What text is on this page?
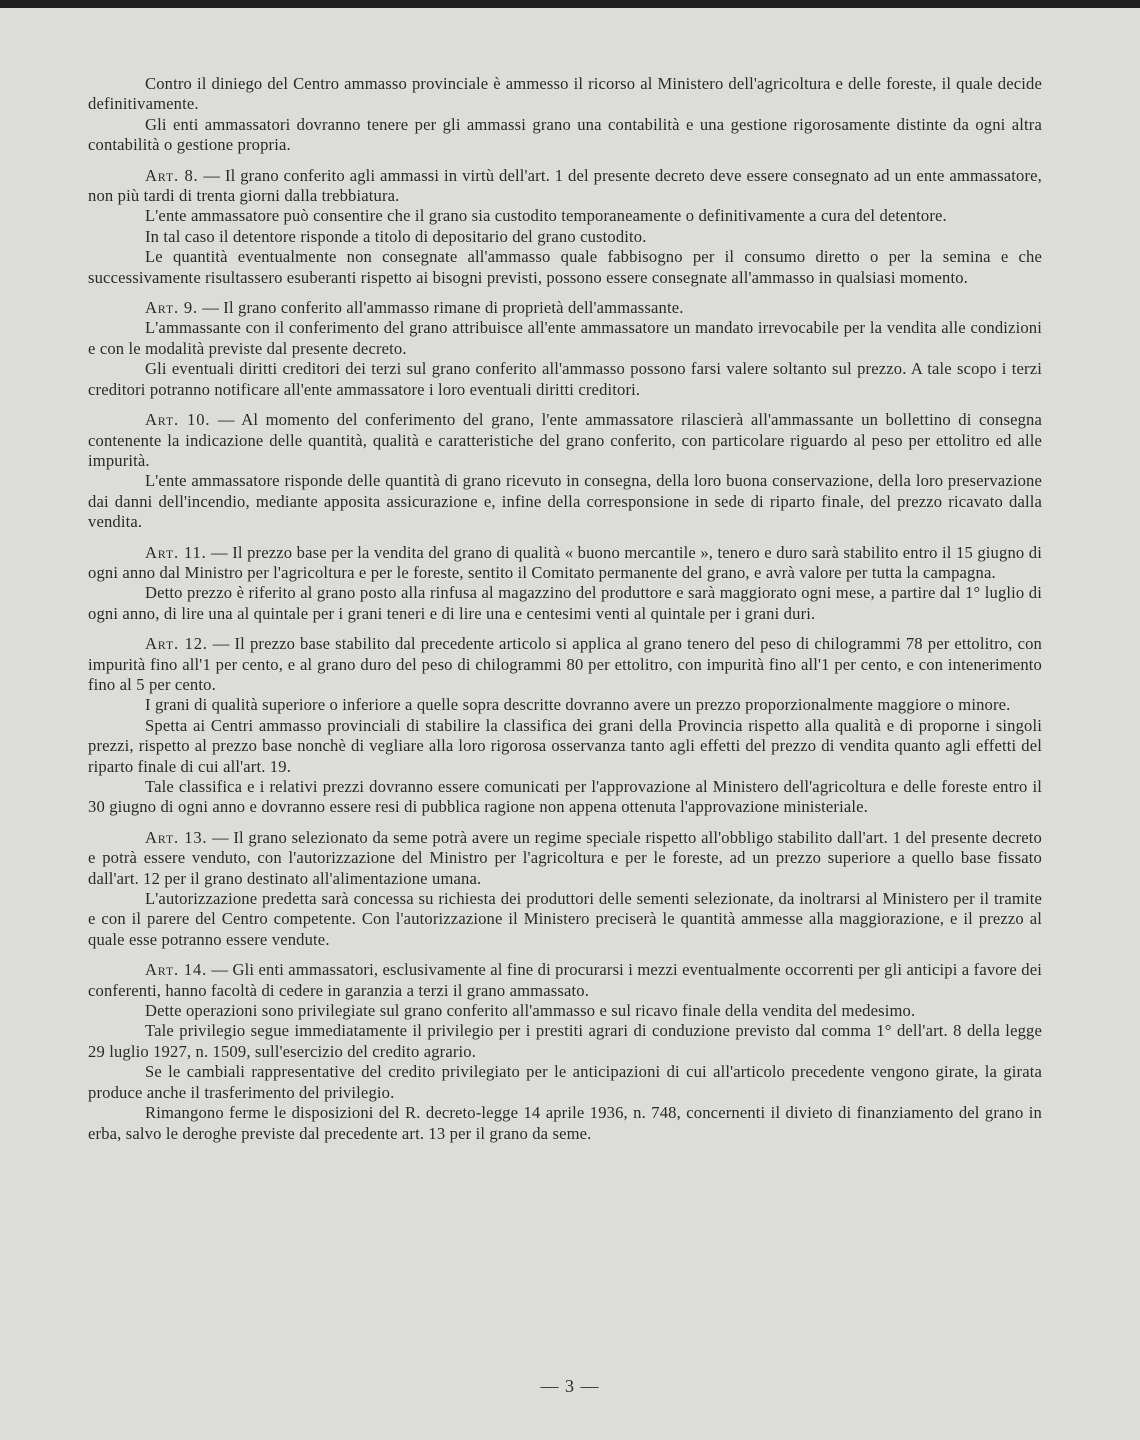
Contro il diniego del Centro ammasso provinciale è ammesso il ricorso al Ministero dell'agricoltura e delle foreste, il quale decide definitivamente.

Gli enti ammassatori dovranno tenere per gli ammassi grano una contabilità e una gestione rigorosamente distinte da ogni altra contabilità o gestione propria.

Art. 8. — Il grano conferito agli ammassi in virtù dell'art. 1 del presente decreto deve essere consegnato ad un ente ammassatore, non più tardi di trenta giorni dalla trebbiatura.

L'ente ammassatore può consentire che il grano sia custodito temporaneamente o definitivamente a cura del detentore.

In tal caso il detentore risponde a titolo di depositario del grano custodito.

Le quantità eventualmente non consegnate all'ammasso quale fabbisogno per il consumo diretto o per la semina e che successivamente risultassero esuberanti rispetto ai bisogni previsti, possono essere consegnate all'ammasso in qualsiasi momento.

Art. 9. — Il grano conferito all'ammasso rimane di proprietà dell'ammassante.

L'ammassante con il conferimento del grano attribuisce all'ente ammassatore un mandato irrevocabile per la vendita alle condizioni e con le modalità previste dal presente decreto.

Gli eventuali diritti creditori dei terzi sul grano conferito all'ammasso possono farsi valere soltanto sul prezzo. A tale scopo i terzi creditori potranno notificare all'ente ammassatore i loro eventuali diritti creditori.

Art. 10. — Al momento del conferimento del grano, l'ente ammassatore rilascierà all'ammassante un bollettino di consegna contenente la indicazione delle quantità, qualità e caratteristiche del grano conferito, con particolare riguardo al peso per ettolitro ed alle impurità.

L'ente ammassatore risponde delle quantità di grano ricevuto in consegna, della loro buona conservazione, della loro preservazione dai danni dell'incendio, mediante apposita assicurazione e, infine della corresponsione in sede di riparto finale, del prezzo ricavato dalla vendita.

Art. 11. — Il prezzo base per la vendita del grano di qualità « buono mercantile », tenero e duro sarà stabilito entro il 15 giugno di ogni anno dal Ministro per l'agricoltura e per le foreste, sentito il Comitato permanente del grano, e avrà valore per tutta la campagna.

Detto prezzo è riferito al grano posto alla rinfusa al magazzino del produttore e sarà maggiorato ogni mese, a partire dal 1° luglio di ogni anno, di lire una al quintale per i grani teneri e di lire una e centesimi venti al quintale per i grani duri.

Art. 12. — Il prezzo base stabilito dal precedente articolo si applica al grano tenero del peso di chilogrammi 78 per ettolitro, con impurità fino all'1 per cento, e al grano duro del peso di chilogrammi 80 per ettolitro, con impurità fino all'1 per cento, e con intenerimento fino al 5 per cento.

I grani di qualità superiore o inferiore a quelle sopra descritte dovranno avere un prezzo proporzionalmente maggiore o minore.

Spetta ai Centri ammasso provinciali di stabilire la classifica dei grani della Provincia rispetto alla qualità e di proporne i singoli prezzi, rispetto al prezzo base nonchè di vegliare alla loro rigorosa osservanza tanto agli effetti del prezzo di vendita quanto agli effetti del riparto finale di cui all'art. 19.

Tale classifica e i relativi prezzi dovranno essere comunicati per l'approvazione al Ministero dell'agricoltura e delle foreste entro il 30 giugno di ogni anno e dovranno essere resi di pubblica ragione non appena ottenuta l'approvazione ministeriale.

Art. 13. — Il grano selezionato da seme potrà avere un regime speciale rispetto all'obbligo stabilito dall'art. 1 del presente decreto e potrà essere venduto, con l'autorizzazione del Ministro per l'agricoltura e per le foreste, ad un prezzo superiore a quello base fissato dall'art. 12 per il grano destinato all'alimentazione umana.

L'autorizzazione predetta sarà concessa su richiesta dei produttori delle sementi selezionate, da inoltrarsi al Ministero per il tramite e con il parere del Centro competente. Con l'autorizzazione il Ministero preciserà le quantità ammesse alla maggiorazione, e il prezzo al quale esse potranno essere vendute.

Art. 14. — Gli enti ammassatori, esclusivamente al fine di procurarsi i mezzi eventualmente occorrenti per gli anticipi a favore dei conferenti, hanno facoltà di cedere in garanzia a terzi il grano ammassato.

Dette operazioni sono privilegiate sul grano conferito all'ammasso e sul ricavo finale della vendita del medesimo.

Tale privilegio segue immediatamente il privilegio per i prestiti agrari di conduzione previsto dal comma 1° dell'art. 8 della legge 29 luglio 1927, n. 1509, sull'esercizio del credito agrario.

Se le cambiali rappresentative del credito privilegiato per le anticipazioni di cui all'articolo precedente vengono girate, la girata produce anche il trasferimento del privilegio.

Rimangono ferme le disposizioni del R. decreto-legge 14 aprile 1936, n. 748, concernenti il divieto di finanziamento del grano in erba, salvo le deroghe previste dal precedente art. 13 per il grano da seme.

— 3 —
